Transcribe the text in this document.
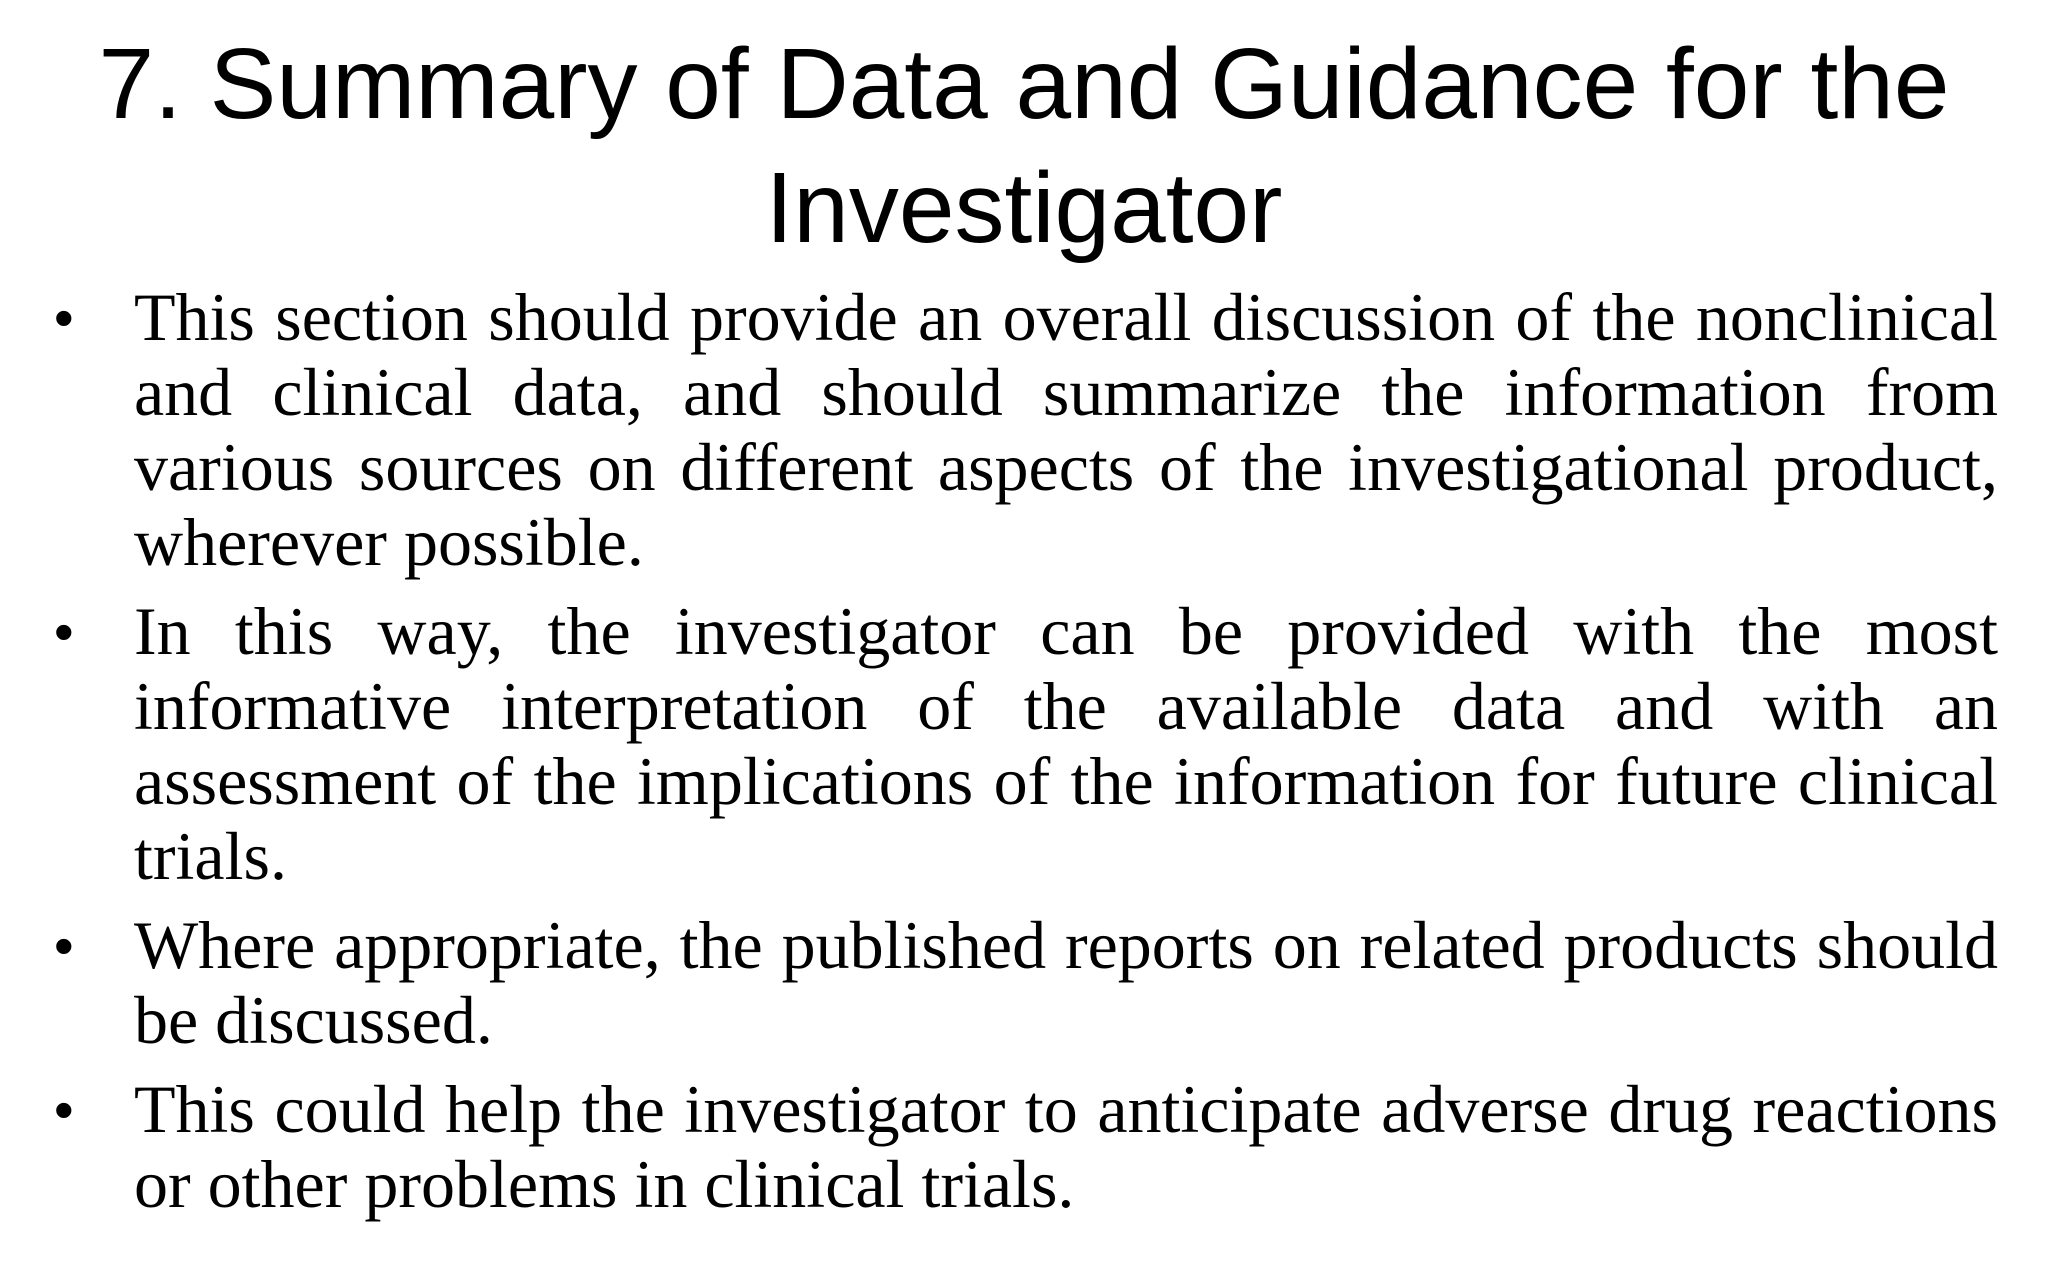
7. Summary of Data and Guidance for the Investigator
• This section should provide an overall discussion of the nonclinical and clinical data, and should summarize the information from various sources on different aspects of the investigational product, wherever possible.
• In this way, the investigator can be provided with the most informative interpretation of the available data and with an assessment of the implications of the information for future clinical trials.
• Where appropriate, the published reports on related products should be discussed.
• This could help the investigator to anticipate adverse drug reactions or other problems in clinical trials.
